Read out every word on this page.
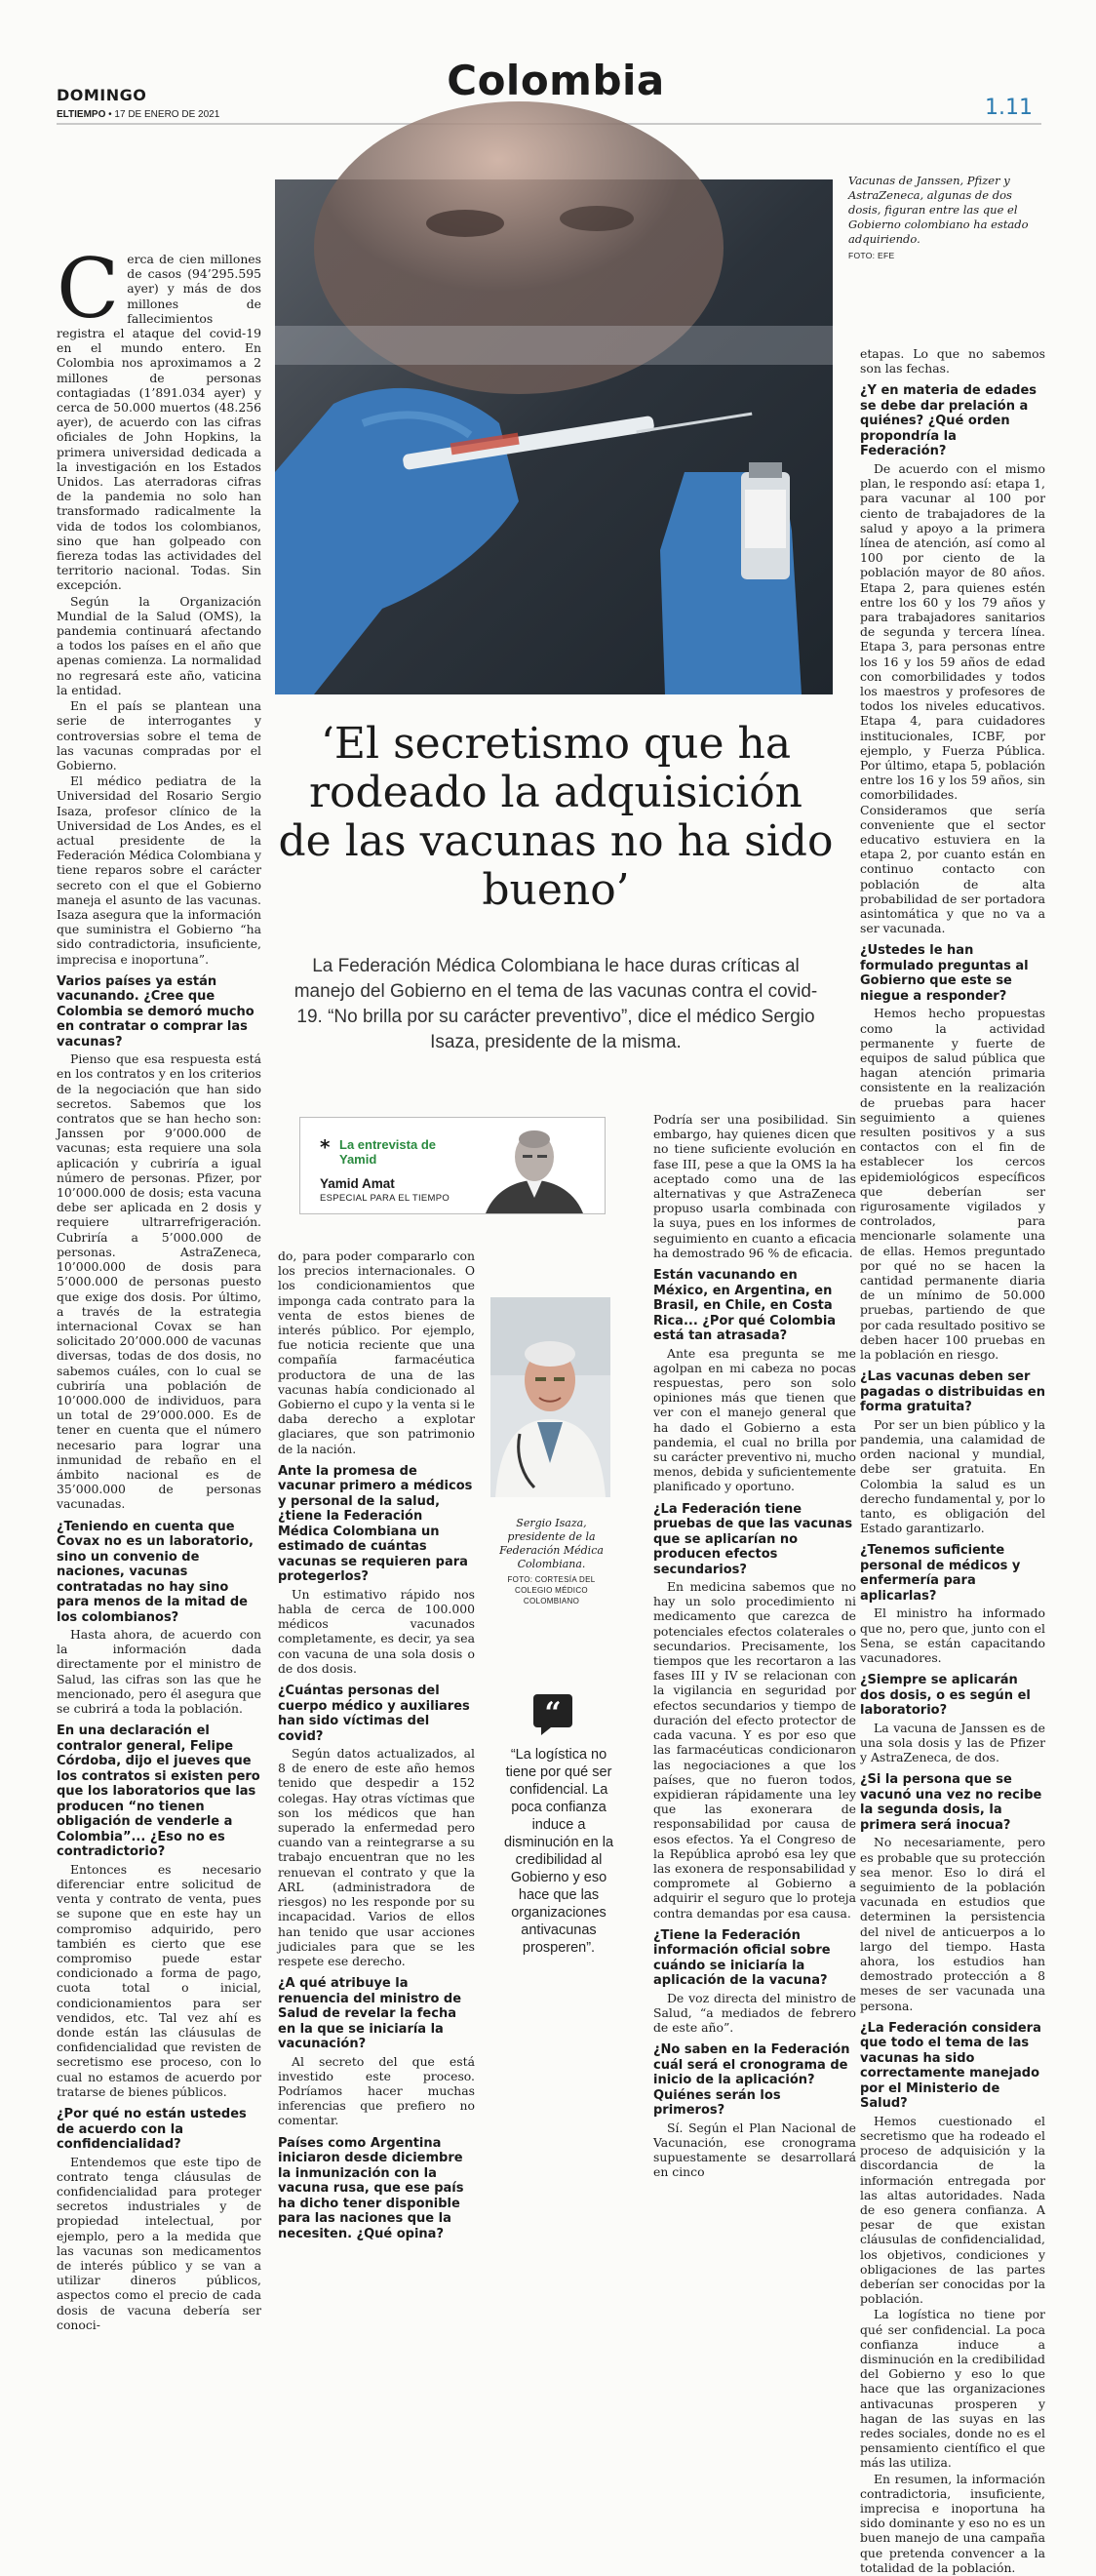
Colombia
DOMINGO
ELTIEMPO • 17 DE ENERO DE 2021	1.11
Vacunas de Janssen, Pfizer y AstraZeneca, algunas de dos dosis, figuran entre las que el Gobierno colombiano ha estado adquiriendo.
FOTO: EFE
‘El secretismo que ha rodeado la adquisición de las vacunas no ha sido bueno’
La Federación Médica Colombiana le hace duras críticas al manejo del Gobierno en el tema de las vacunas contra el covid-19. “No brilla por su carácter preventivo”, dice el médico Sergio Isaza, presidente de la misma.
C erca de cien millones de casos (94’295.595 ayer) y más de dos millones de fallecimientos registra el ataque del covid-19 en el mundo entero. En Colombia nos aproximamos a 2 millones de personas contagiadas (1’891.034 ayer) y cerca de 50.000 muertos (48.256 ayer), de acuerdo con las cifras oficiales de John Hopkins, la primera universidad dedicada a la investigación en los Estados Unidos. Las aterradoras cifras de la pandemia no solo han transformado radicalmente la vida de todos los colombianos, sino que han golpeado con fiereza todas las actividades del territorio nacional. Todas. Sin excepción.

Según la Organización Mundial de la Salud (OMS), la pandemia continuará afectando a todos los países en el año que apenas comienza. La normalidad no regresará este año, vaticina la entidad.

En el país se plantean una serie de interrogantes y controversias sobre el tema de las vacunas compradas por el Gobierno.

El médico pediatra de la Universidad del Rosario Sergio Isaza, profesor clínico de la Universidad de Los Andes, es el actual presidente de la Federación Médica Colombiana y tiene reparos sobre el carácter secreto con el que el Gobierno maneja el asunto de las vacunas. Isaza asegura que la información que suministra el Gobierno “ha sido contradictoria, insuficiente, imprecisa e inoportuna”.

Varios países ya están vacunando. ¿Cree que Colombia se demoró mucho en contratar o comprar las vacunas?

Pienso que esa respuesta está en los contratos y en los criterios de la negociación que han sido secretos. Sabemos que los contratos que se han hecho son: Janssen por 9’000.000 de vacunas; esta requiere una sola aplicación y cubriría a igual número de personas. Pfizer, por 10’000.000 de dosis; esta vacuna debe ser aplicada en 2 dosis y requiere ultrarrefrigeración. Cubriría a 5’000.000 de personas. AstraZeneca, 10’000.000 de dosis para 5’000.000 de personas puesto que exige dos dosis. Por último, a través de la estrategia internacional Covax se han solicitado 20’000.000 de vacunas diversas, todas de dos dosis, no sabemos cuáles, con lo cual se cubriría una población de 10’000.000 de individuos, para un total de 29’000.000. Es de tener en cuenta que el número necesario para lograr una inmunidad de rebaño en el ámbito nacional es de 35’000.000 de personas vacunadas.

¿Teniendo en cuenta que Covax no es un laboratorio, sino un convenio de naciones, vacunas contratadas no hay sino para menos de la mitad de los colombianos?

Hasta ahora, de acuerdo con la información dada directamente por el ministro de Salud, las cifras son las que he mencionado, pero él asegura que se cubrirá a toda la población.

En una declaración el contralor general, Felipe Córdoba, dijo el jueves que los contratos si existen pero que los laboratorios que las producen “no tienen obligación de venderle a Colombia”... ¿Eso no es contradictorio?

Entonces es necesario diferenciar entre solicitud de venta y contrato de venta, pues se supone que en este hay un compromiso adquirido, pero también es cierto que ese compromiso puede estar condicionado a forma de pago, cuota total o inicial, condicionamientos para ser vendidos, etc. Tal vez ahí es donde están las cláusulas de confidencialidad que revisten de secretismo ese proceso, con lo cual no estamos de acuerdo por tratarse de bienes públicos.

¿Por qué no están ustedes de acuerdo con la confidencialidad?

Entendemos que este tipo de contrato tenga cláusulas de confidencialidad para proteger secretos industriales y de propiedad intelectual, por ejemplo, pero a la medida que las vacunas son medicamentos de interés público y se van a utilizar dineros públicos, aspectos como el precio de cada dosis de vacuna debería ser conoci-

* La entrevista de Yamid
Yamid Amat
ESPECIAL PARA EL TIEMPO

do, para poder compararlo con los precios internacionales. O los condicionamientos que imponga cada contrato para la venta de estos bienes de interés público. Por ejemplo, fue noticia reciente que una compañía farmacéutica productora de una de las vacunas había condicionado al Gobierno el cupo y la venta si le daba derecho a explotar glaciares, que son patrimonio de la nación.

Ante la promesa de vacunar primero a médicos y personal de la salud, ¿tiene la Federación Médica Colombiana un estimado de cuántas vacunas se requieren para protegerlos?

Un estimativo rápido nos habla de cerca de 100.000 médicos vacunados completamente, es decir, ya sea con vacuna de una sola dosis o de dos dosis.

¿Cuántas personas del cuerpo médico y auxiliares han sido víctimas del covid?

Según datos actualizados, al 8 de enero de este año hemos tenido que despedir a 152 colegas. Hay otras víctimas que son los médicos que han superado la enfermedad pero cuando van a reintegrarse a su trabajo encuentran que no les renuevan el contrato y que la ARL (administradora de riesgos) no les responde por su incapacidad. Varios de ellos han tenido que usar acciones judiciales para que se les respete ese derecho.

¿A qué atribuye la renuencia del ministro de Salud de revelar la fecha en la que se iniciaría la vacunación?

Al secreto del que está investido este proceso. Podríamos hacer muchas inferencias que prefiero no comentar.

Países como Argentina iniciaron desde diciembre la inmunización con la vacuna rusa, que ese país ha dicho tener disponible para las naciones que la necesiten. ¿Qué opina?
Sergio Isaza, presidente de la Federación Médica Colombiana.
FOTO: CORTESÍA DEL COLEGIO MÉDICO COLOMBIANO
“
“La logística no tiene por qué ser confidencial. La poca confianza induce a disminución en la credibilidad al Gobierno y eso hace que las organizaciones antivacunas prosperen”.

Podría ser una posibilidad. Sin embargo, hay quienes dicen que no tiene suficiente evolución en fase III, pese a que la OMS la ha aceptado como una de las alternativas y que AstraZeneca propuso usarla combinada con la suya, pues en los informes de seguimiento en cuanto a eficacia ha demostrado 96 % de eficacia.

Están vacunando en México, en Argentina, en Brasil, en Chile, en Costa Rica... ¿Por qué Colombia está tan atrasada?

Ante esa pregunta se me agolpan en mi cabeza no pocas respuestas, pero son solo opiniones más que tienen que ver con el manejo general que ha dado el Gobierno a esta pandemia, el cual no brilla por su carácter preventivo ni, mucho menos, debida y suficientemente planificado y oportuno.

¿La Federación tiene pruebas de que las vacunas que se aplicarían no producen efectos secundarios?

En medicina sabemos que no hay un solo procedimiento ni medicamento que carezca de potenciales efectos colaterales o secundarios. Precisamente, los tiempos que les recortaron a las fases III y IV se relacionan con la vigilancia en seguridad por efectos secundarios y tiempo de duración del efecto protector de cada vacuna. Y es por eso que las farmacéuticas condicionaron las negociaciones a que los países, que no fueron todos, expidieran rápidamente una ley que las exonerara de responsabilidad por causa de esos efectos. Ya el Congreso de la República aprobó esa ley que las exonera de responsabilidad y compromete al Gobierno a adquirir el seguro que lo proteja contra demandas por esa causa.

¿Tiene la Federación información oficial sobre cuándo se iniciaría la aplicación de la vacuna?

De voz directa del ministro de Salud, “a mediados de febrero de este año”.

¿No saben en la Federación cuál será el cronograma de inicio de la aplicación? Quiénes serán los primeros?

Sí. Según el Plan Nacional de Vacunación, ese cronograma supuestamente se desarrollará en cinco

etapas. Lo que no sabemos son las fechas.

¿Y en materia de edades se debe dar prelación a quiénes? ¿Qué orden propondría la Federación?

De acuerdo con el mismo plan, le respondo así: etapa 1, para vacunar al 100 por ciento de trabajadores de la salud y apoyo a la primera línea de atención, así como al 100 por ciento de la población mayor de 80 años. Etapa 2, para quienes estén entre los 60 y los 79 años y para trabajadores sanitarios de segunda y tercera línea. Etapa 3, para personas entre los 16 y los 59 años de edad con comorbilidades y todos los maestros y profesores de todos los niveles educativos. Etapa 4, para cuidadores institucionales, ICBF, por ejemplo, y Fuerza Pública. Por último, etapa 5, población entre los 16 y los 59 años, sin comorbilidades. Consideramos que sería conveniente que el sector educativo estuviera en la etapa 2, por cuanto están en continuo contacto con población de alta probabilidad de ser portadora asintomática y que no va a ser vacunada.

¿Ustedes le han formulado preguntas al Gobierno que este se niegue a responder?

Hemos hecho propuestas como la actividad permanente y fuerte de equipos de salud pública que hagan atención primaria consistente en la realización de pruebas para hacer seguimiento a quienes resulten positivos y a sus contactos con el fin de establecer los cercos epidemiológicos específicos que deberían ser rigurosamente vigilados y controlados, para mencionarle solamente una de ellas. Hemos preguntado por qué no se hacen la cantidad permanente diaria de un mínimo de 50.000 pruebas, partiendo de que por cada resultado positivo se deben hacer 100 pruebas en la población en riesgo.

¿Las vacunas deben ser pagadas o distribuidas en forma gratuita?

Por ser un bien público y la pandemia, una calamidad de orden nacional y mundial, debe ser gratuita. En Colombia la salud es un derecho fundamental y, por lo tanto, es obligación del Estado garantizarlo.

¿Tenemos suficiente personal de médicos y enfermería para aplicarlas?

El ministro ha informado que no, pero que, junto con el Sena, se están capacitando vacunadores.

¿Siempre se aplicarán dos dosis, o es según el laboratorio?

La vacuna de Janssen es de una sola dosis y las de Pfizer y AstraZeneca, de dos.

¿Si la persona que se vacunó una vez no recibe la segunda dosis, la primera será inocua?

No necesariamente, pero es probable que su protección sea menor. Eso lo dirá el seguimiento de la población vacunada en estudios que determinen la persistencia del nivel de anticuerpos a lo largo del tiempo. Hasta ahora, los estudios han demostrado protección a 8 meses de ser vacunada una persona.

¿La Federación considera que todo el tema de las vacunas ha sido correctamente manejado por el Ministerio de Salud?

Hemos cuestionado el secretismo que ha rodeado el proceso de adquisición y la discordancia de la información entregada por las altas autoridades. Nada de eso genera confianza. A pesar de que existan cláusulas de confidencialidad, los objetivos, condiciones y obligaciones de las partes deberían ser conocidas por la población.

La logística no tiene por qué ser confidencial. La poca confianza induce a disminución en la credibilidad del Gobierno y eso lo que hace que las organizaciones antivacunas prosperen y hagan de las suyas en las redes sociales, donde no es el pensamiento científico el que más las utiliza.

En resumen, la información contradictoria, insuficiente, imprecisa e inoportuna ha sido dominante y eso no es un buen manejo de una campaña que pretenda convencer a la totalidad de la población.
